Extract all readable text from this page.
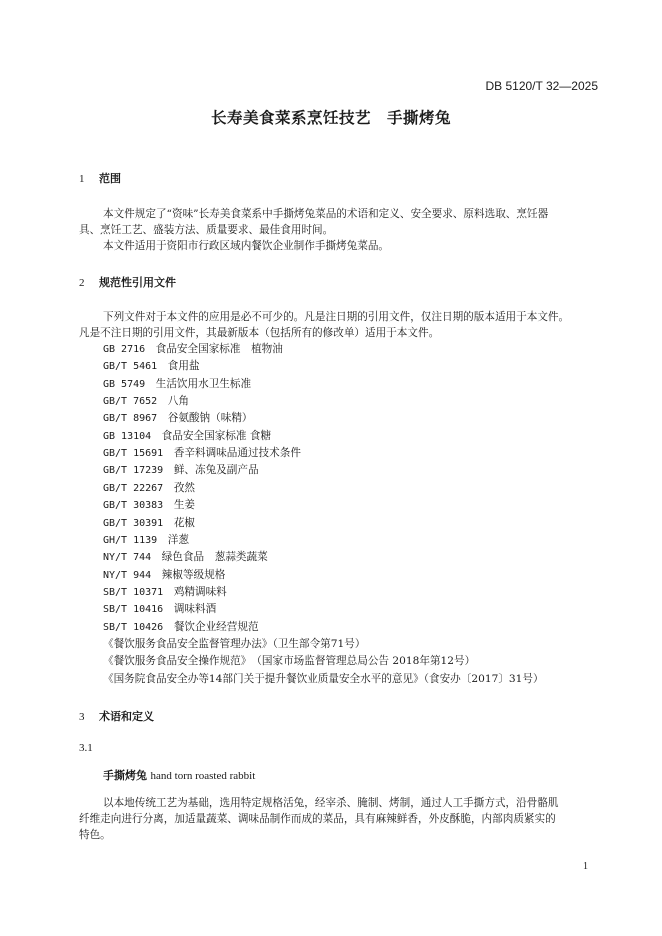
DB 5120/T 32—2025
长寿美食菜系烹饪技艺　手撕烤兔
1 范围
本文件规定了“资味”长寿美食菜系中手撕烤兔菜品的术语和定义、安全要求、原料选取、烹饪器
具、烹饪工艺、盛装方法、质量要求、最佳食用时间。
本文件适用于资阳市行政区域内餐饮企业制作手撕烤兔菜品。
2 规范性引用文件
下列文件对于本文件的应用是必不可少的。凡是注日期的引用文件，仅注日期的版本适用于本文件。
凡是不注日期的引用文件，其最新版本（包括所有的修改单）适用于本文件。
GB 2716　 食品安全国家标准　植物油
GB/T 5461　 食用盐
GB 5749　 生活饮用水卫生标准
GB/T 7652　 八角
GB/T 8967　 谷氨酸钠（味精）
GB 13104　 食品安全国家标准 食糖
GB/T 15691　 香辛料调味品通过技术条件
GB/T 17239　 鲜、冻兔及副产品
GB/T 22267　 孜然
GB/T 30383　 生姜
GB/T 30391　 花椒
GH/T 1139　 洋葱
NY/T 744　 绿色食品　葱蒜类蔬菜
NY/T 944　 辣椒等级规格
SB/T 10371　 鸡精调味料
SB/T 10416　 调味料酒
SB/T 10426　 餐饮企业经营规范
《餐饮服务食品安全监督管理办法》（卫生部令第71号）
《餐饮服务食品安全操作规范》　（国家市场监督管理总局公告 2018年第12号）
《国务院食品安全办等14部门关于提升餐饮业质量安全水平的意见》（食安办〔2017〕31号）
3 术语和定义
3.1
手撕烤兔 hand torn roasted rabbit
以本地传统工艺为基础，选用特定规格活兔，经宰杀、腌制、烤制，通过人工手撕方式，沿骨骼肌
纤维走向进行分离，加适量蔬菜、调味品制作而成的菜品，具有麻辣鲜香，外皮酥脆，内部肉质紧实的
特色。
1
